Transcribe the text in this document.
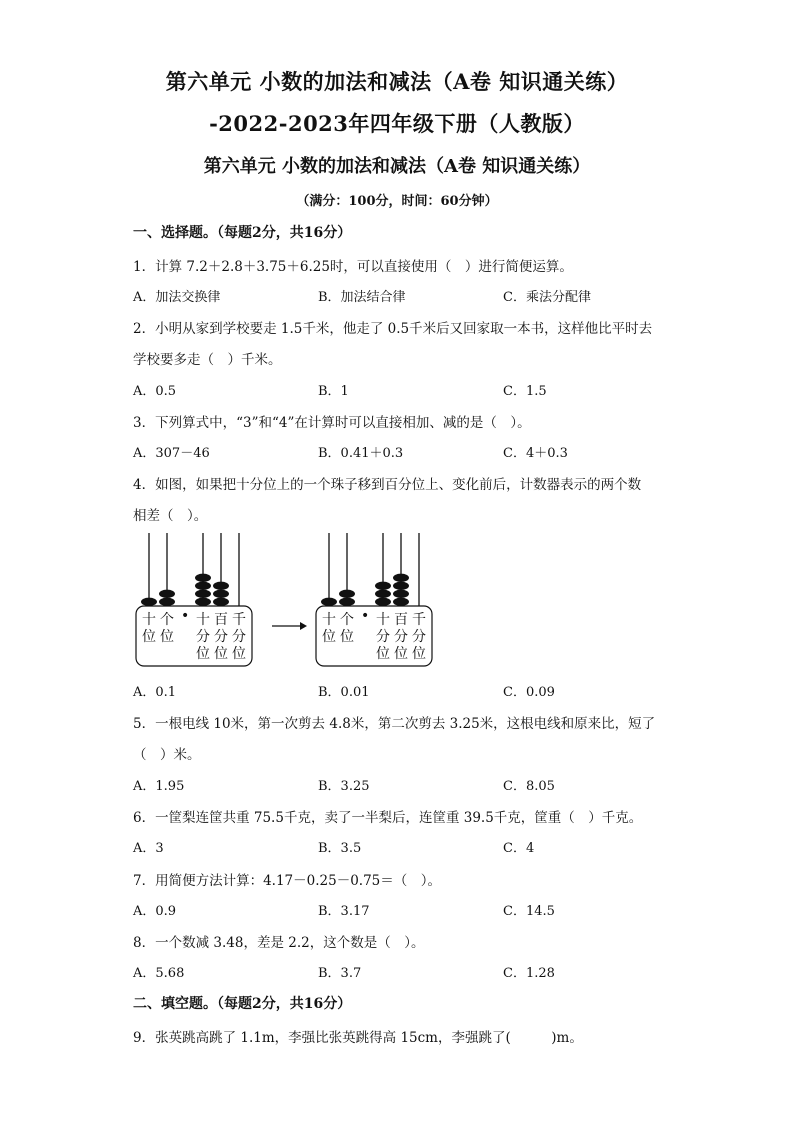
第六单元 小数的加法和减法（A卷 知识通关练）
-2022-2023年四年级下册（人教版）
第六单元 小数的加法和减法（A卷 知识通关练）
（满分：100分，时间：60分钟）
一、选择题。（每题2分，共16分）
1．计算 7.2＋2.8＋3.75＋6.25时，可以直接使用（　）进行简便运算。
A．加法交换律	B．加法结合律	C．乘法分配律
2．小明从家到学校要走 1.5千米，他走了 0.5千米后又回家取一本书，这样他比平时去
学校要多走（　）千米。
A．0.5	B．1	C．1.5
3．下列算式中，“3”和“4”在计算时可以直接相加、减的是（　）。
A．307－46	B．0.41＋0.3	C．4＋0.3
4．如图，如果把十分位上的一个珠子移到百分位上、变化前后，计数器表示的两个数
相差（　）。
十 个 • 十 百 千
位 位 分 分 分
位 位 位
十 个 • 十 百 千
位 位 分 分 分
位 位 位
A．0.1	B．0.01	C．0.09
5．一根电线 10米，第一次剪去 4.8米，第二次剪去 3.25米，这根电线和原来比，短了
（　）米。
A．1.95	B．3.25	C．8.05
6．一筐梨连筐共重 75.5千克，卖了一半梨后，连筐重 39.5千克，筐重（　）千克。
A．3	B．3.5	C．4
7．用简便方法计算：4.17－0.25－0.75＝（　）。
A．0.9	B．3.17	C．14.5
8．一个数减 3.48，差是 2.2，这个数是（　）。
A．5.68	B．3.7	C．1.28
二、填空题。（每题2分，共16分）
9．张英跳高跳了 1.1m，李强比张英跳得高 15cm，李强跳了(　　　)m。
